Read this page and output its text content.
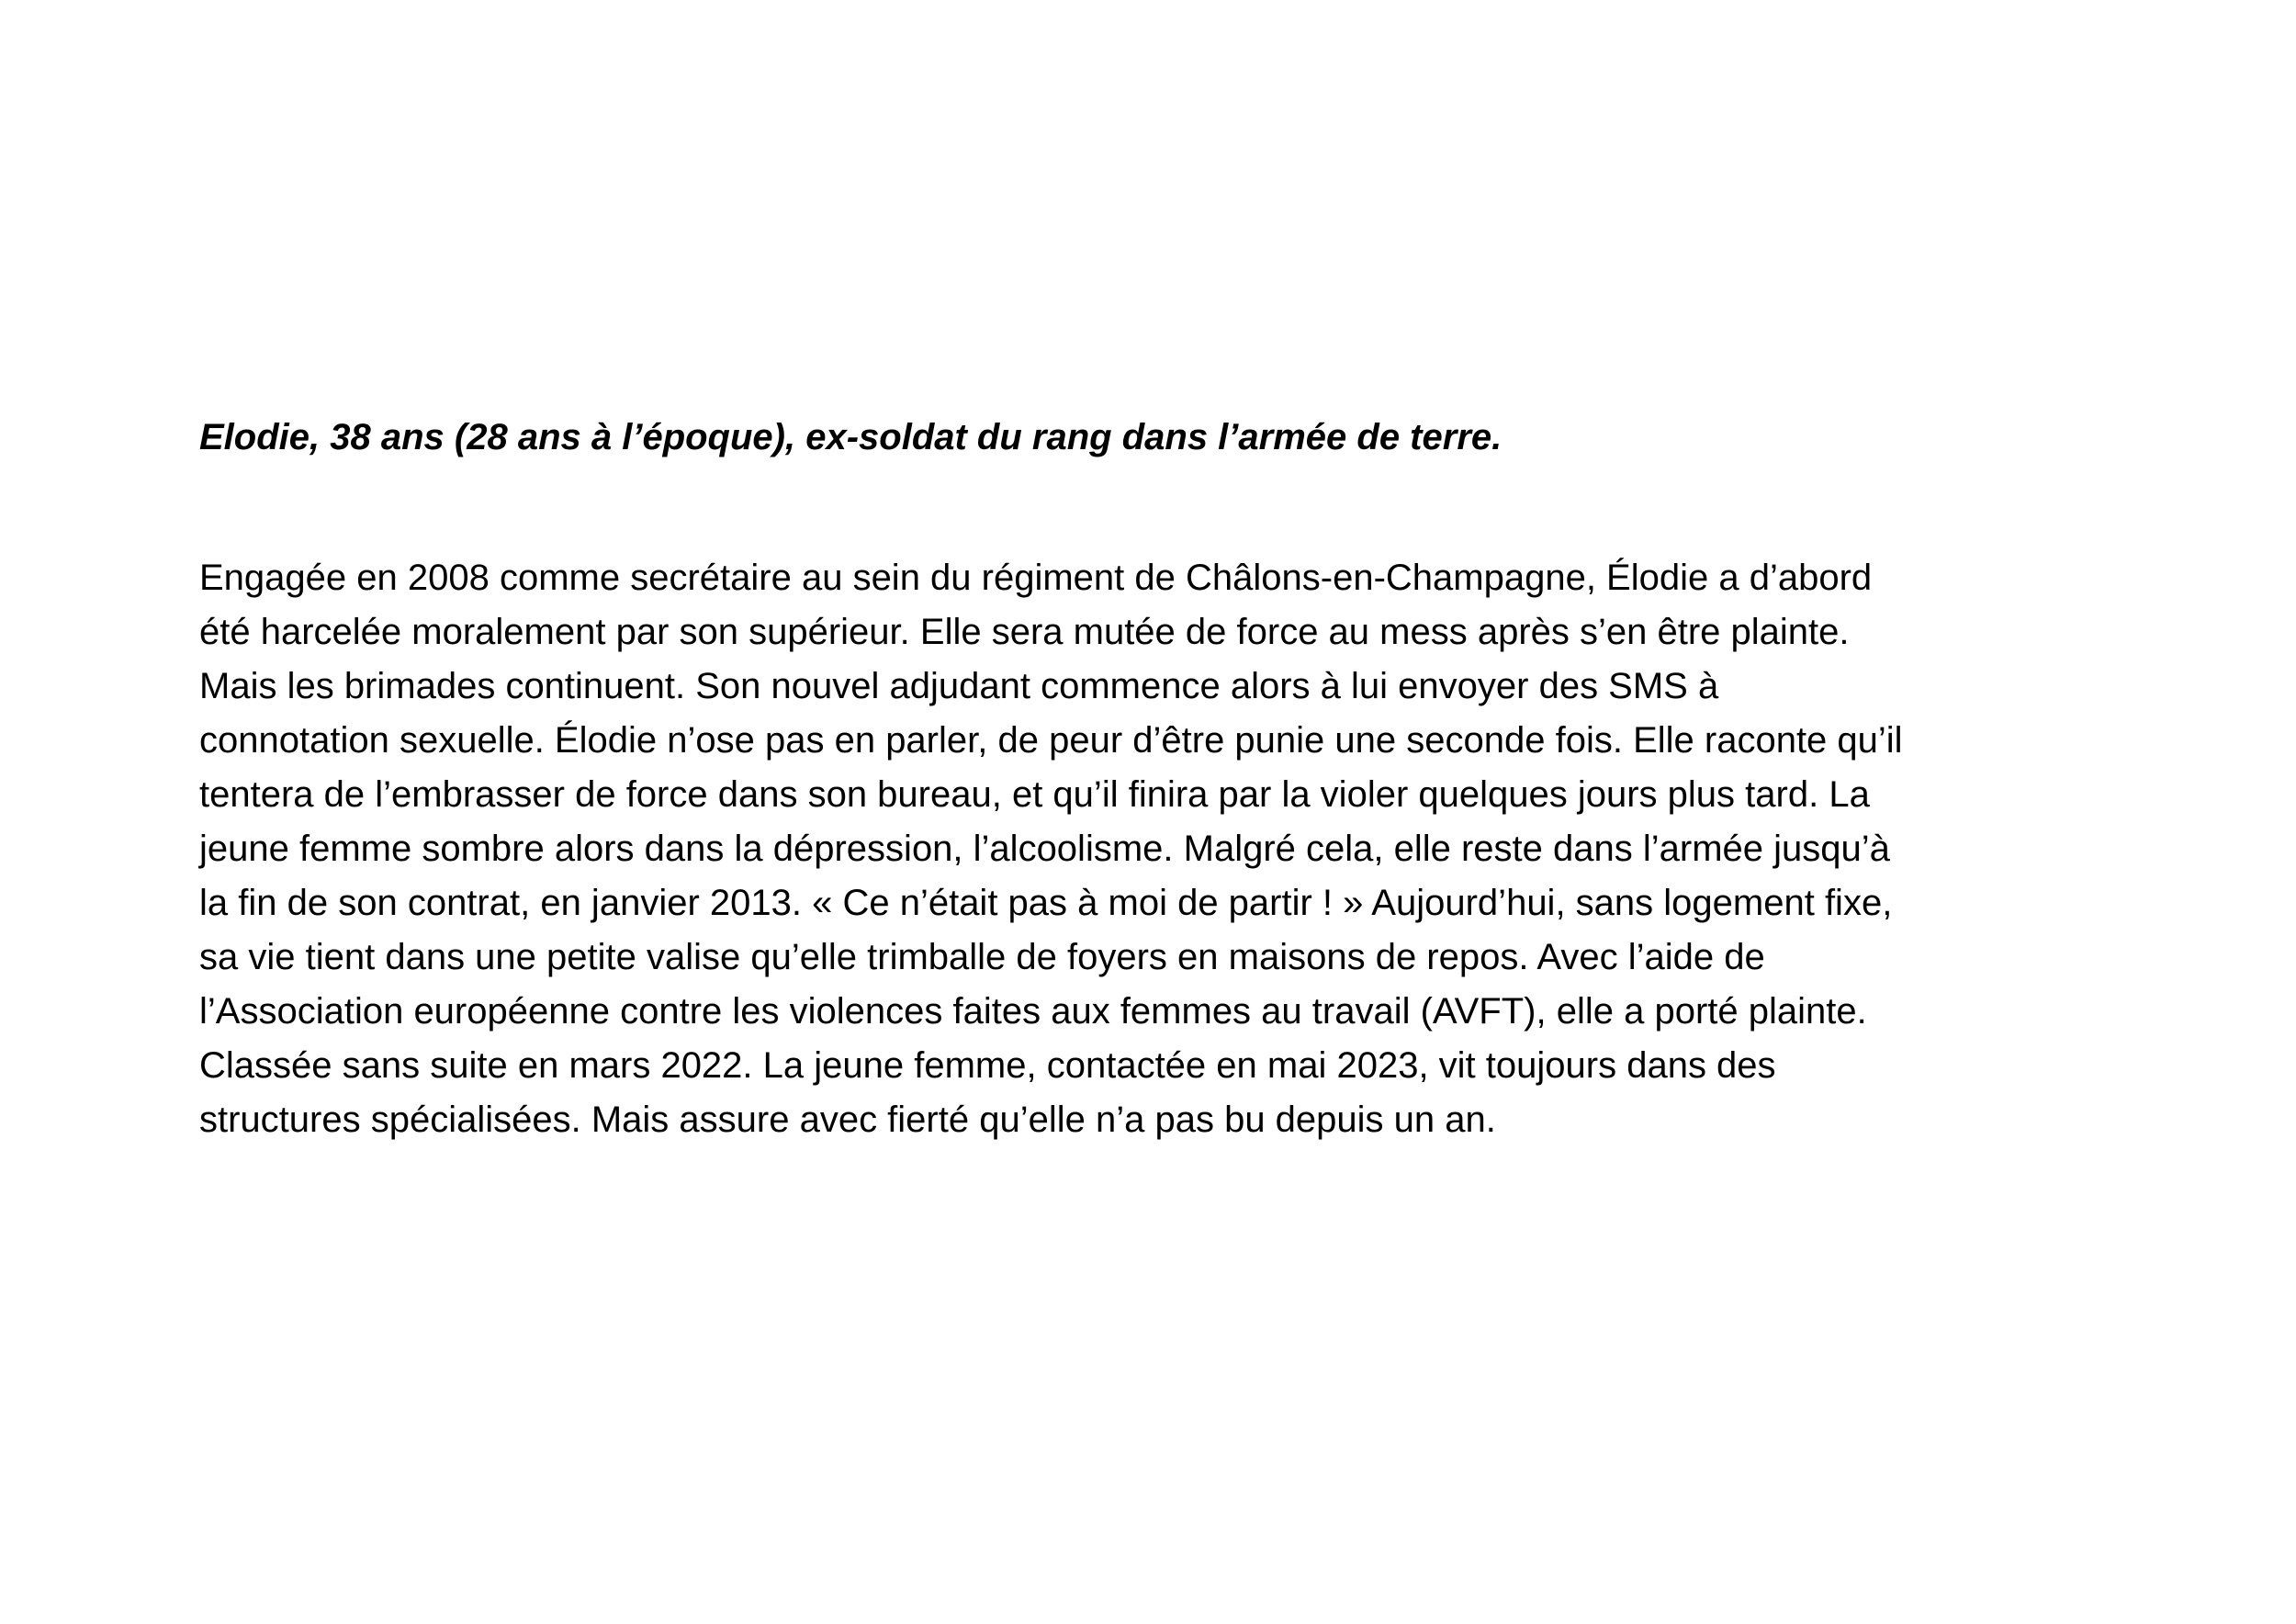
Elodie, 38 ans (28 ans à l’époque), ex-soldat du rang dans l’armée de terre.

Engagée en 2008 comme secrétaire au sein du régiment de Châlons-en-Champagne, Élodie a d’abord
été harcelée moralement par son supérieur. Elle sera mutée de force au mess après s’en être plainte.
Mais les brimades continuent. Son nouvel adjudant commence alors à lui envoyer des SMS à
connotation sexuelle. Élodie n’ose pas en parler, de peur d’être punie une seconde fois. Elle raconte qu’il
tentera de l’embrasser de force dans son bureau, et qu’il finira par la violer quelques jours plus tard. La
jeune femme sombre alors dans la dépression, l’alcoolisme. Malgré cela, elle reste dans l’armée jusqu’à
la fin de son contrat, en janvier 2013. « Ce n’était pas à moi de partir ! » Aujourd’hui, sans logement fixe,
sa vie tient dans une petite valise qu’elle trimballe de foyers en maisons de repos. Avec l’aide de
l’Association européenne contre les violences faites aux femmes au travail (AVFT), elle a porté plainte.
Classée sans suite en mars 2022. La jeune femme, contactée en mai 2023, vit toujours dans des
structures spécialisées. Mais assure avec fierté qu’elle n’a pas bu depuis un an.
